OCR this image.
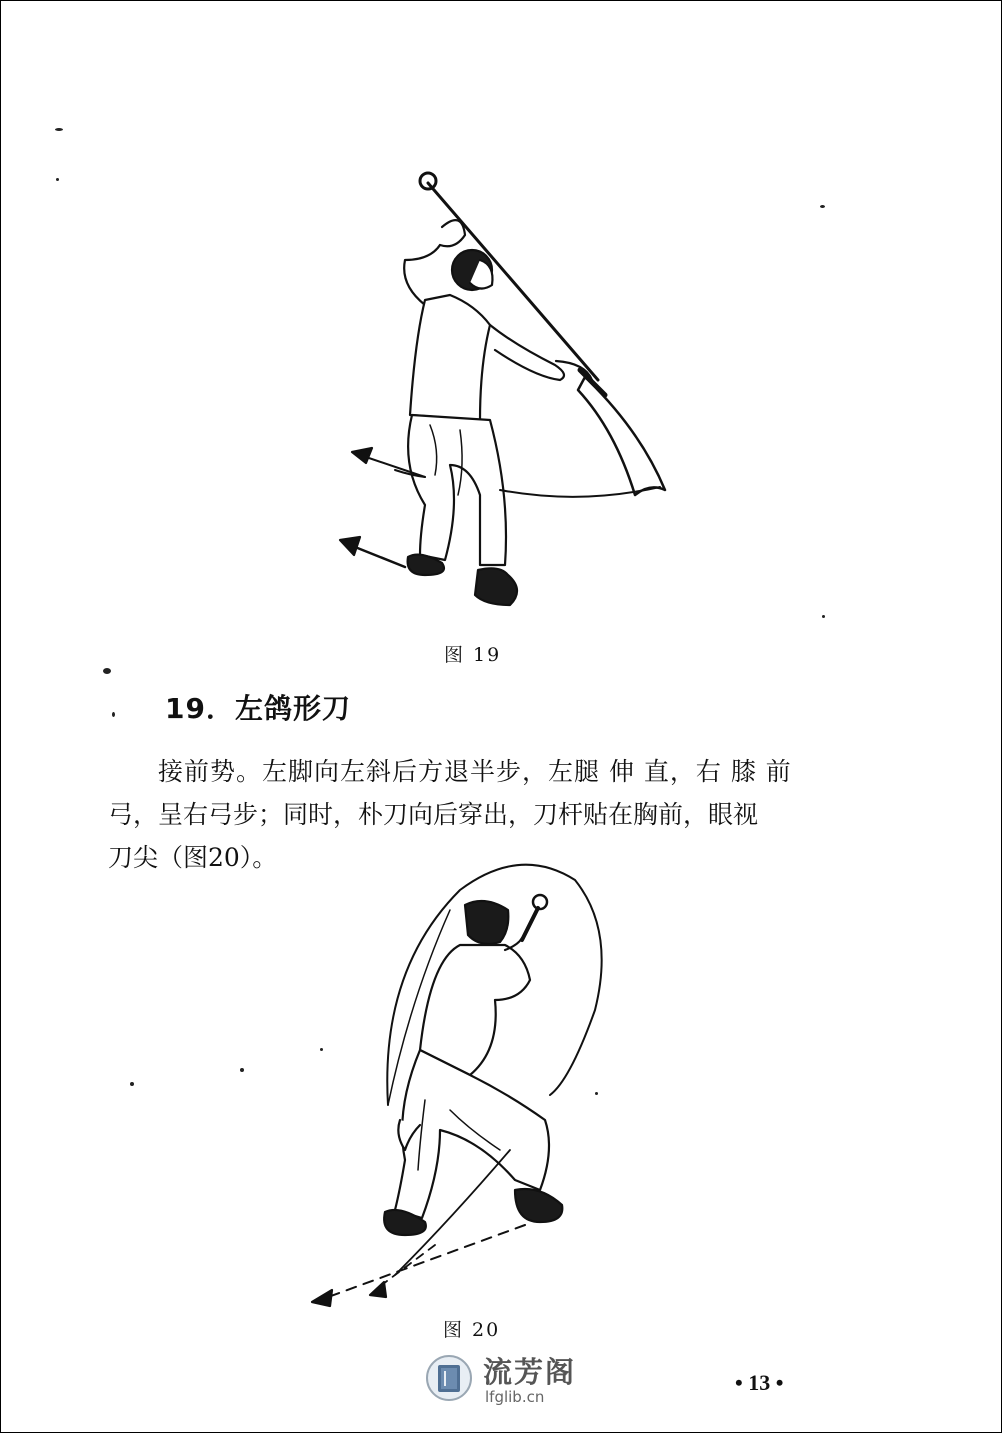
图 19
19．左鸽形刀
接前势。左脚向左斜后方退半步，左腿 伸 直，右 膝 前
弓，呈右弓步；同时，朴刀向后穿出，刀杆贴在胸前，眼视
刀尖（图20）。
图 20
流芳阁
lfglib.cn
• 13 •
